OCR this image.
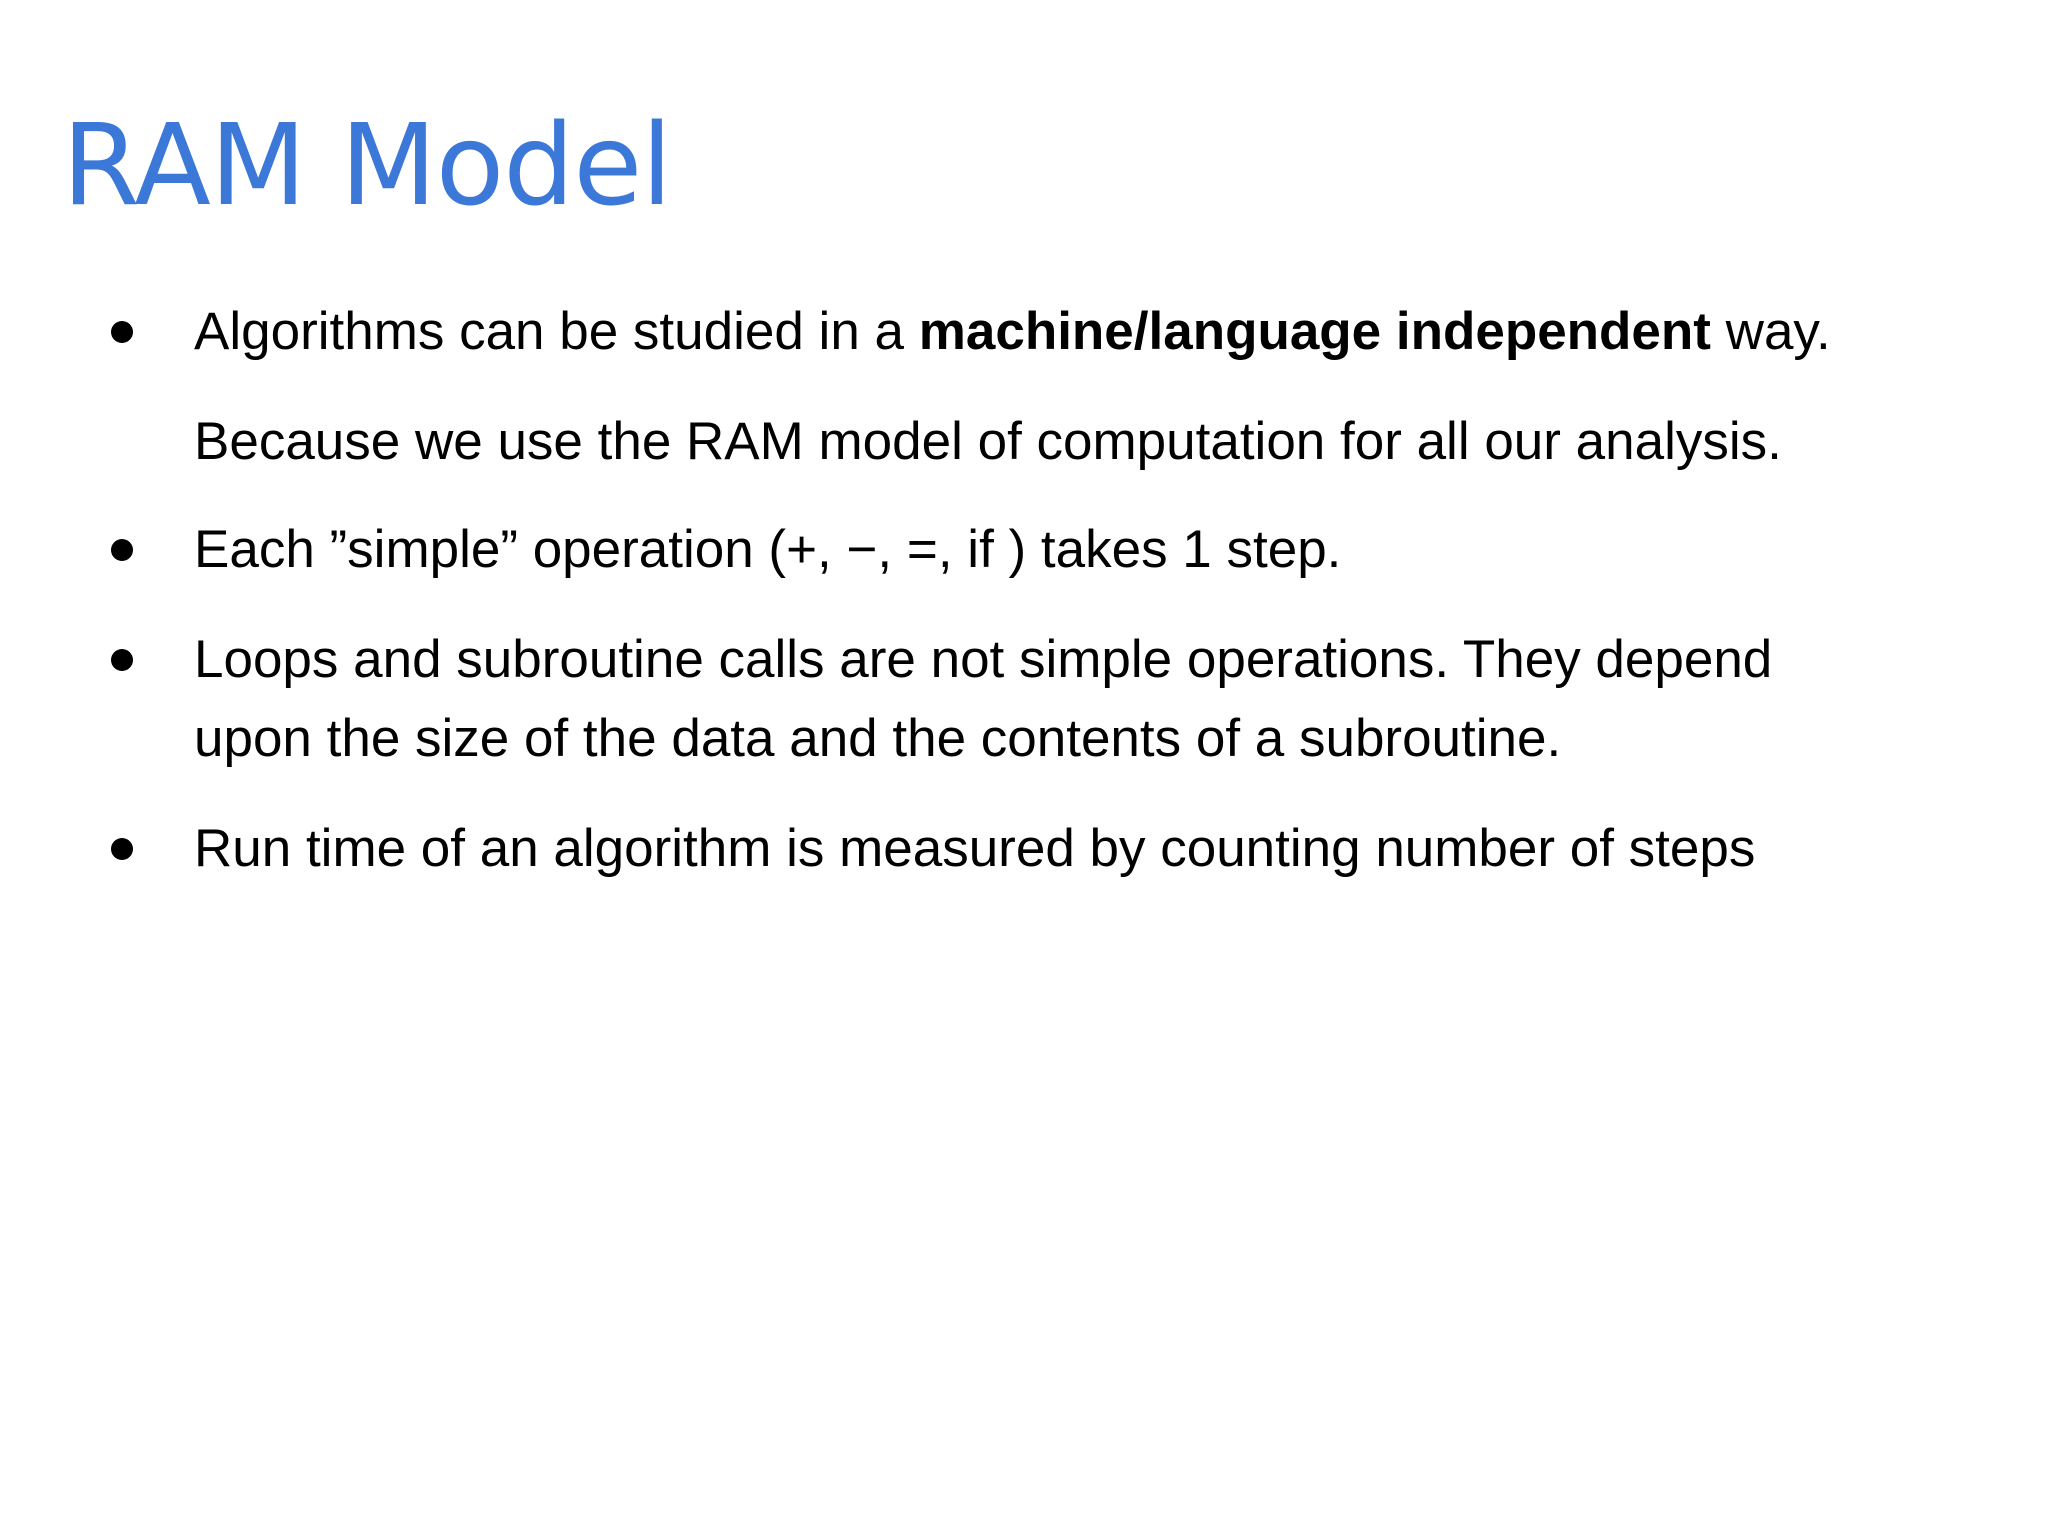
RAM Model
Algorithms can be studied in a machine/language independent way.
Because we use the RAM model of computation for all our analysis.
Each ”simple” operation (+, −, =, if ) takes 1 step.
Loops and subroutine calls are not simple operations. They depend
upon the size of the data and the contents of a subroutine.
Run time of an algorithm is measured by counting number of steps
